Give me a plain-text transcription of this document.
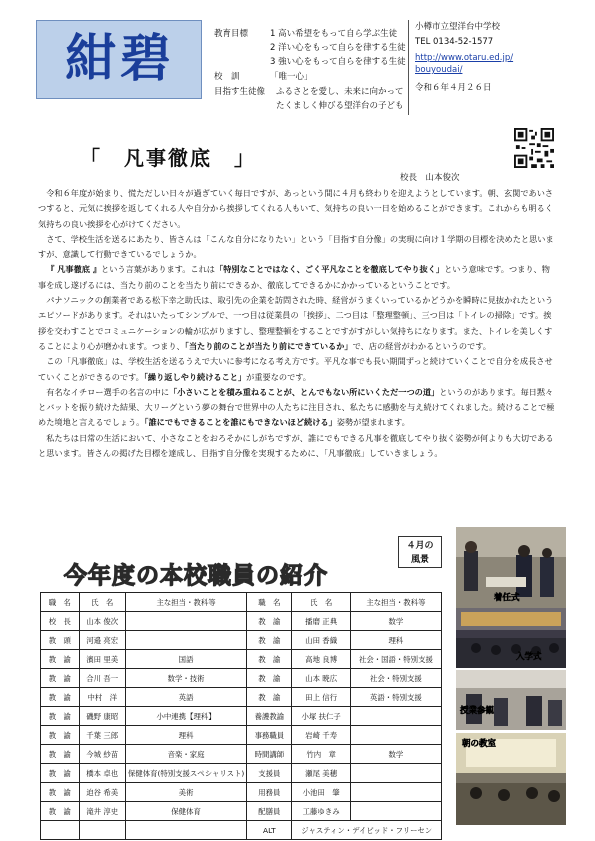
紺碧	教育目標	1 高い希望をもって自ら学ぶ生徒
2 洋い心をもって自らを律する生徒
3 強い心をもって自らを律する生徒
校　訓	「唯一心」
目指す生徒像 ふるさとを愛し、未来に向かって
たくましく伸びる望洋台の子ども
小樽市立望洋台中学校
TEL 0134-52-1577
http://www.otaru.ed.jp/
bouyoudai/
令和６年４月２６日
「　凡事徹底　」
校長　山本俊次

令和６年度が始まり、慌ただしい日々が過ぎていく毎日ですが、あっという間に４月も終わりを迎えようとしています。朝、玄関であいさつすると、元気に挨拶を返してくれる人や自分から挨拶してくれる人もいて、気持ちの良い一日を始めることができます。これからも明るく気持ちの良い挨拶を心がけてください。

さて、学校生活を送るにあたり、皆さんは「こんな自分になりたい」という「目指す自分像」の実現に向け１学期の目標を決めたと思いますが、意識して行動できているでしょうか。

『 凡事徹底 』という言葉があります。これは「特別なことではなく、ごく平凡なことを徹底してやり抜く」という意味です。つまり、物事を成し遂げるには、当たり前のことを当たり前にできるか、徹底してできるかにかかっているということです。

パナソニックの創業者である松下幸之助氏は、取引先の企業を訪問された時、経営がうまくいっているかどうかを瞬時に見抜かれたというエピソードがあります。それはいたってシンプルで、一つ目は従業員の「挨拶」、二つ目は「整理整頓」、三つ目は「トイレの掃除」です。挨拶を交わすことでコミュニケーションの輪が広がりますし、整理整頓をすることですがすがしい気持ちになります。また、トイレを美しくすることにより心が磨かれます。つまり、「当たり前のことが当たり前にできているか」で、店の経営がわかるというのです。

この「凡事徹底」は、学校生活を送るうえで大いに参考になる考え方です。平凡な事でも長い期間ずっと続けていくことで自分を成長させていくことができるのです。「繰り返しやり続けること」が重要なのです。

有名なイチロー選手の名言の中に「小さいことを積み重ねることが、とんでもない所にいくただ一つの道」というのがあります。毎日黙々とバットを振り続けた結果、大リーグという夢の舞台で世界中の人たちに注目され、私たちに感動を与え続けてくれました。続けることで極めた境地と言えるでしょう。「誰にでもできることを誰にもできないほど続ける」姿勢が望まれます。

私たちは日常の生活において、小さなことをおろそかにしがちですが、誰にでもできる凡事を徹底してやり抜く姿勢が何よりも大切であると思います。皆さんの掲げた目標を達成し、目指す自分像を実現するために、「凡事徹底」していきましょう。

今年度の本校職員の紹介
４月の
風景
職　名	氏　名	主な担当・教科等	職　名	氏　名	主な担当・教科等
校　長	山本 俊次		教　諭	播磨 正典	数学
教　頭	河邉 亮宏		教　諭	山田 香織	理科
教　諭	濱田 里美	国語	教　諭	高地 良博	社会・国語・特別支援
教　諭	合川 吾一	数学・技術	教　諭	山本 暁広	社会・特別支援
教　諭	中村　洋	英語	教　諭	田上 信行	英語・特別支援
教　諭	磯野 康昭	小中連携【理科】	養護教諭	小塚 扶仁子	
教　諭	千葉 三郎	理科	事務職員	岩崎 千寿	
教　諭	今城 紗苗	音楽・家庭	時間講師	竹内　章	数学
教　諭	橋本 卓也	保健体育(特別支援スペシャリスト)	支援員	瀬尾 美穂	
教　諭	迫谷 希美	美術	用務員	小池田　肇	
教　諭	滝井 淳史	保健体育	配膳員	工藤ゆきみ	
			ALT	ジャスティン・デイビッド・フリーセン	
着任式
入学式
授業参観
朝の教室
